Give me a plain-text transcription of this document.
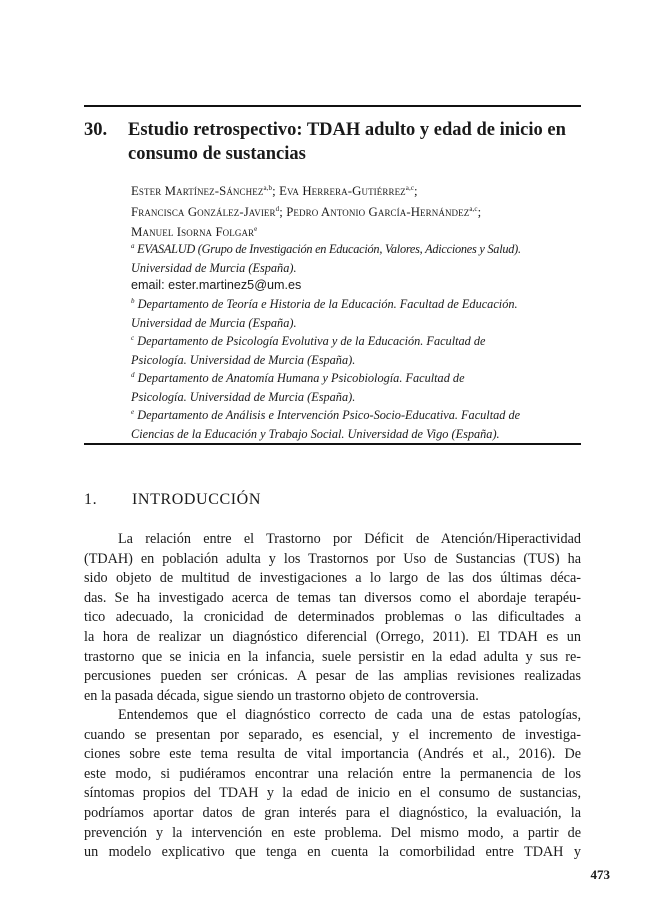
30. Estudio retrospectivo: TDAH adulto y edad de inicio en consumo de sustancias
Ester Martínez-Sánchez$^{a,b}$; Eva Herrera-Gutiérrez$^{a,c}$;
Francisca González-Javier$^d$; Pedro Antonio García-Hernández$^{a,c}$;
Manuel Isorna Folgar$^e$
$^a$ EVASALUD (Grupo de Investigación en Educación, Valores, Adicciones y Salud).
Universidad de Murcia (España).
email: ester.martinez5@um.es
$^b$ Departamento de Teoría e Historia de la Educación. Facultad de Educación.
Universidad de Murcia (España).
$^c$ Departamento de Psicología Evolutiva y de la Educación. Facultad de
Psicología. Universidad de Murcia (España).
$^d$ Departamento de Anatomía Humana y Psicobiología. Facultad de
Psicología. Universidad de Murcia (España).
$^e$ Departamento de Análisis e Intervención Psico-Socio-Educativa. Facultad de
Ciencias de la Educación y Trabajo Social. Universidad de Vigo (España).
1. INTRODUCCIÓN
La relación entre el Trastorno por Déficit de Atención/Hiperactividad
(TDAH) en población adulta y los Trastornos por Uso de Sustancias (TUS) ha
sido objeto de multitud de investigaciones a lo largo de las dos últimas déca-
das. Se ha investigado acerca de temas tan diversos como el abordaje terapéu-
tico adecuado, la cronicidad de determinados problemas o las dificultades a
la hora de realizar un diagnóstico diferencial (Orrego, 2011). El TDAH es un
trastorno que se inicia en la infancia, suele persistir en la edad adulta y sus re-
percusiones pueden ser crónicas. A pesar de las amplias revisiones realizadas
en la pasada década, sigue siendo un trastorno objeto de controversia.
Entendemos que el diagnóstico correcto de cada una de estas patologías,
cuando se presentan por separado, es esencial, y el incremento de investiga-
ciones sobre este tema resulta de vital importancia (Andrés et al., 2016). De
este modo, si pudiéramos encontrar una relación entre la permanencia de los
síntomas propios del TDAH y la edad de inicio en el consumo de sustancias,
podríamos aportar datos de gran interés para el diagnóstico, la evaluación, la
prevención y la intervención en este problema. Del mismo modo, a partir de
un modelo explicativo que tenga en cuenta la comorbilidad entre TDAH y
473
